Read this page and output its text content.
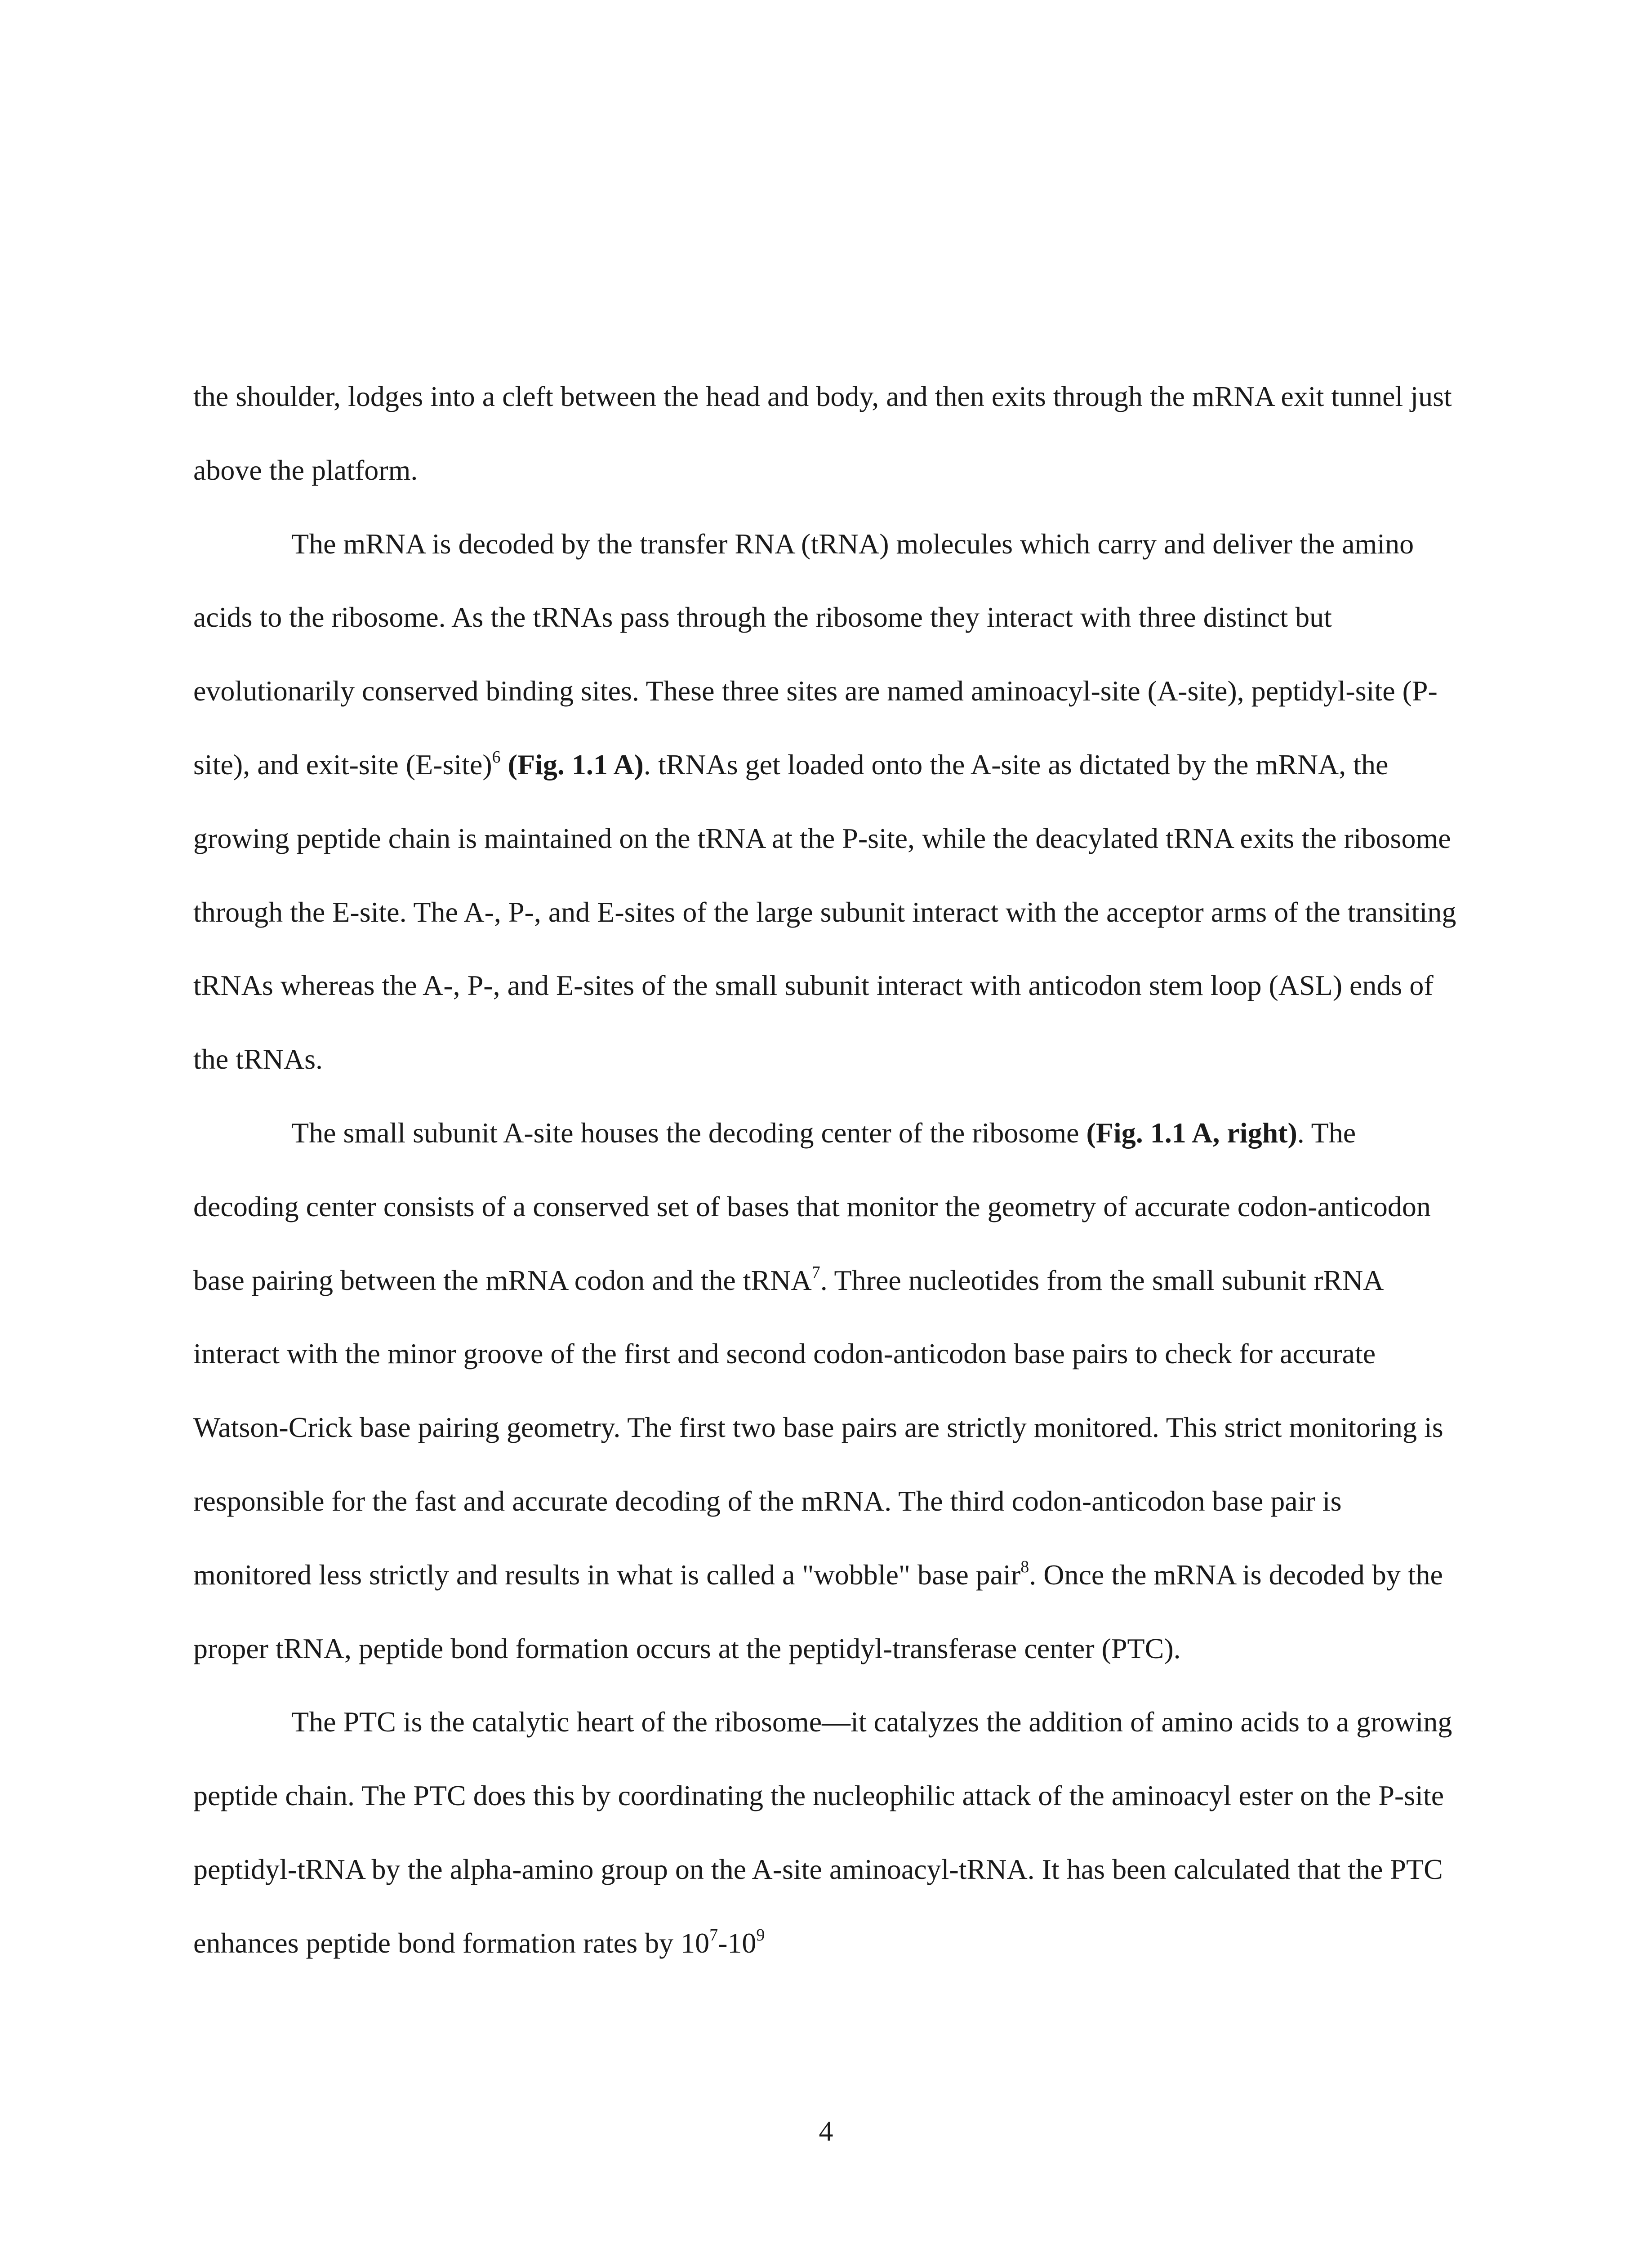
the shoulder, lodges into a cleft between the head and body, and then exits through the mRNA exit tunnel just above the platform.

The mRNA is decoded by the transfer RNA (tRNA) molecules which carry and deliver the amino acids to the ribosome. As the tRNAs pass through the ribosome they interact with three distinct but evolutionarily conserved binding sites. These three sites are named aminoacyl-site (A-site), peptidyl-site (P-site), and exit-site (E-site)$^6$ (Fig. 1.1 A). tRNAs get loaded onto the A-site as dictated by the mRNA, the growing peptide chain is maintained on the tRNA at the P-site, while the deacylated tRNA exits the ribosome through the E-site. The A-, P-, and E-sites of the large subunit interact with the acceptor arms of the transiting tRNAs whereas the A-, P-, and E-sites of the small subunit interact with anticodon stem loop (ASL) ends of the tRNAs.

The small subunit A-site houses the decoding center of the ribosome (Fig. 1.1 A, right). The decoding center consists of a conserved set of bases that monitor the geometry of accurate codon-anticodon base pairing between the mRNA codon and the tRNA$^7$. Three nucleotides from the small subunit rRNA interact with the minor groove of the first and second codon-anticodon base pairs to check for accurate Watson-Crick base pairing geometry. The first two base pairs are strictly monitored. This strict monitoring is responsible for the fast and accurate decoding of the mRNA. The third codon-anticodon base pair is monitored less strictly and results in what is called a "wobble" base pair$^8$. Once the mRNA is decoded by the proper tRNA, peptide bond formation occurs at the peptidyl-transferase center (PTC).

The PTC is the catalytic heart of the ribosome—it catalyzes the addition of amino acids to a growing peptide chain. The PTC does this by coordinating the nucleophilic attack of the aminoacyl ester on the P-site peptidyl-tRNA by the alpha-amino group on the A-site aminoacyl-tRNA. It has been calculated that the PTC enhances peptide bond formation rates by $10^7-10^9$

4
